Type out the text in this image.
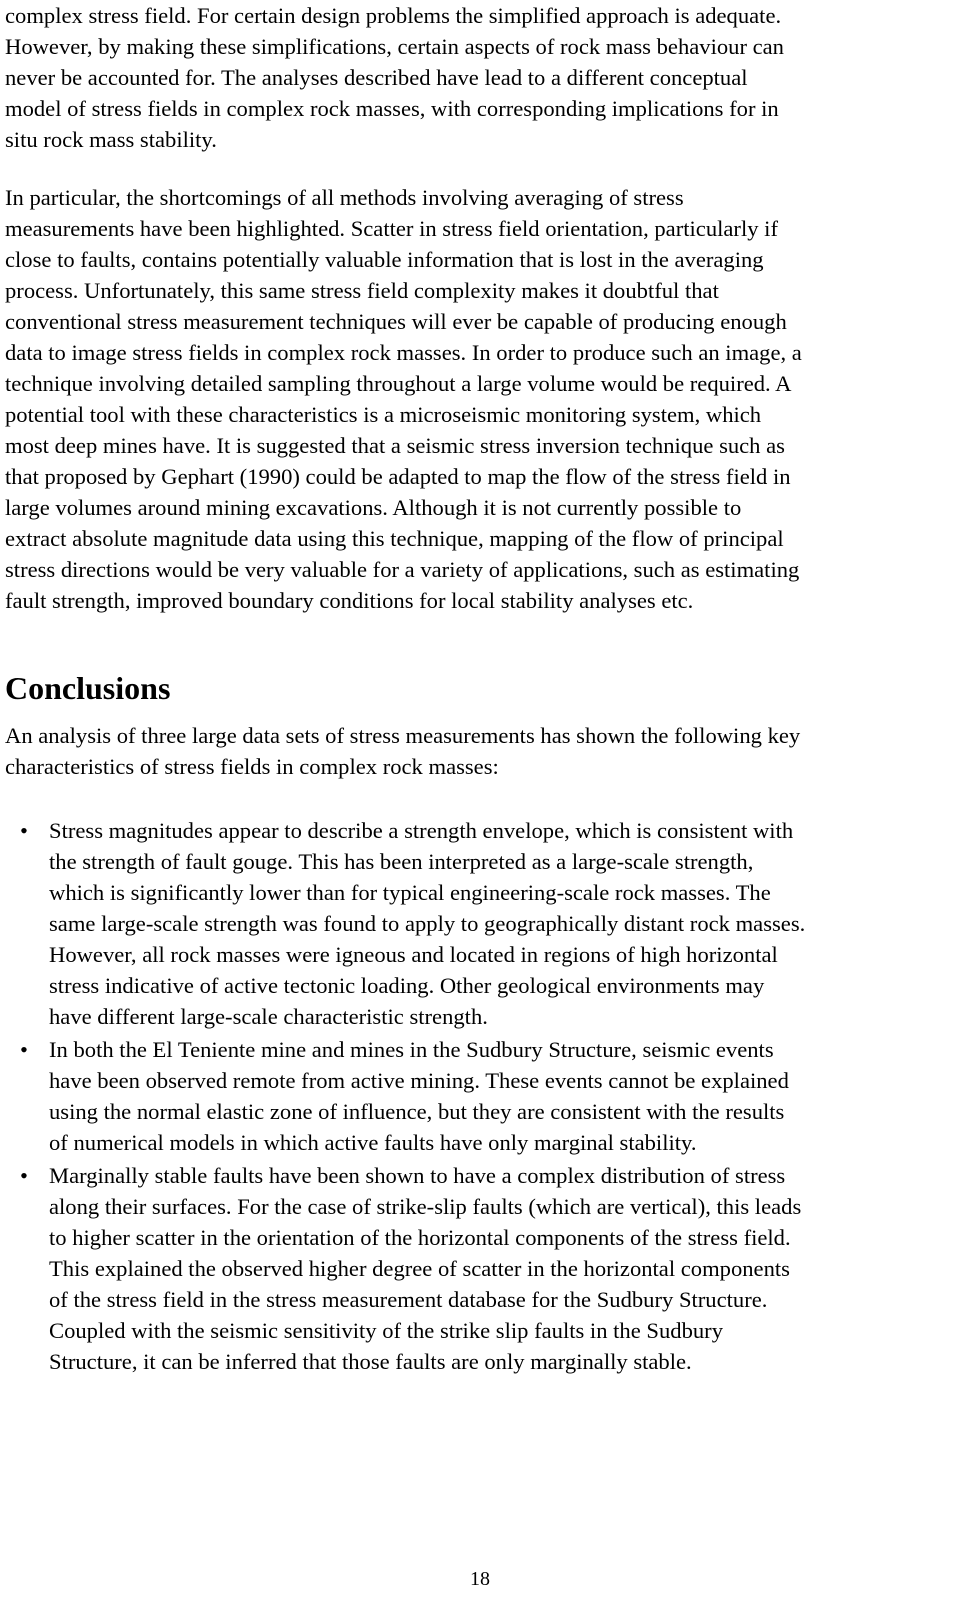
complex stress field. For certain design problems the simplified approach is adequate.
However, by making these simplifications, certain aspects of rock mass behaviour can
never be accounted for. The analyses described have lead to a different conceptual
model of stress fields in complex rock masses, with corresponding implications for in
situ rock mass stability.
In particular, the shortcomings of all methods involving averaging of stress
measurements have been highlighted. Scatter in stress field orientation, particularly if
close to faults, contains potentially valuable information that is lost in the averaging
process. Unfortunately, this same stress field complexity makes it doubtful that
conventional stress measurement techniques will ever be capable of producing enough
data to image stress fields in complex rock masses. In order to produce such an image, a
technique involving detailed sampling throughout a large volume would be required. A
potential tool with these characteristics is a microseismic monitoring system, which
most deep mines have. It is suggested that a seismic stress inversion technique such as
that proposed by Gephart (1990) could be adapted to map the flow of the stress field in
large volumes around mining excavations. Although it is not currently possible to
extract absolute magnitude data using this technique, mapping of the flow of principal
stress directions would be very valuable for a variety of applications, such as estimating
fault strength, improved boundary conditions for local stability analyses etc.
Conclusions
An analysis of three large data sets of stress measurements has shown the following key
characteristics of stress fields in complex rock masses:
• Stress magnitudes appear to describe a strength envelope, which is consistent with
the strength of fault gouge. This has been interpreted as a large-scale strength,
which is significantly lower than for typical engineering-scale rock masses. The
same large-scale strength was found to apply to geographically distant rock masses.
However, all rock masses were igneous and located in regions of high horizontal
stress indicative of active tectonic loading. Other geological environments may
have different large-scale characteristic strength.
• In both the El Teniente mine and mines in the Sudbury Structure, seismic events
have been observed remote from active mining. These events cannot be explained
using the normal elastic zone of influence, but they are consistent with the results
of numerical models in which active faults have only marginal stability.
• Marginally stable faults have been shown to have a complex distribution of stress
along their surfaces. For the case of strike-slip faults (which are vertical), this leads
to higher scatter in the orientation of the horizontal components of the stress field.
This explained the observed higher degree of scatter in the horizontal components
of the stress field in the stress measurement database for the Sudbury Structure.
Coupled with the seismic sensitivity of the strike slip faults in the Sudbury
Structure, it can be inferred that those faults are only marginally stable.
18
